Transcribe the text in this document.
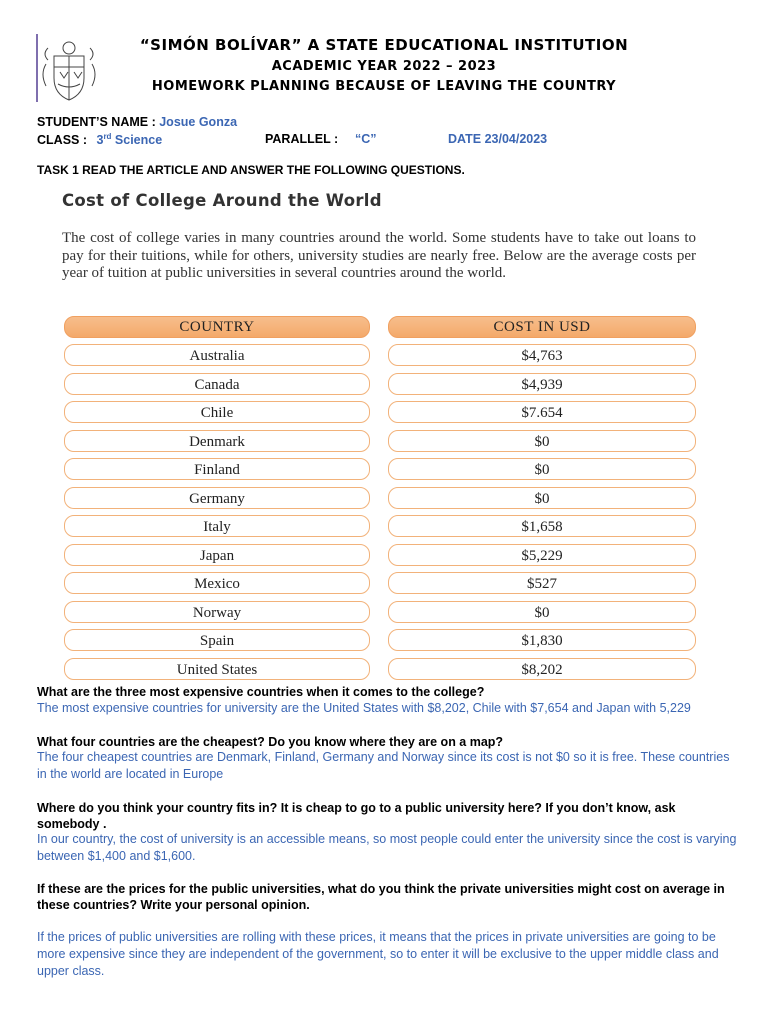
“SIMÓN BOLÍVAR” A STATE EDUCATIONAL INSTITUTION
ACADEMIC YEAR 2022 – 2023
HOMEWORK PLANNING BECAUSE OF LEAVING THE COUNTRY
STUDENT’S NAME : Josue Gonza
CLASS : 3rd Science	PARALLEL : “C”	DATE 23/04/2023
TASK 1 READ THE ARTICLE AND ANSWER THE FOLLOWING QUESTIONS.
Cost of College Around the World
The cost of college varies in many countries around the world. Some students have to take out loans to pay for their tuitions, while for others, university studies are nearly free. Below are the average costs per year of tuition at public universities in several countries around the world.
COUNTRY	COST IN USD
Australia	$4,763
Canada	$4,939
Chile	$7.654
Denmark	$0
Finland	$0
Germany	$0
Italy	$1,658
Japan	$5,229
Mexico	$527
Norway	$0
Spain	$1,830
United States	$8,202
What are the three most expensive countries when it comes to the college?
The most expensive countries for university are the United States with $8,202, Chile with $7,654 and Japan with 5,229
What four countries are the cheapest? Do you know where they are on a map?
The four cheapest countries are Denmark, Finland, Germany and Norway since its cost is not $0 so it is free. These countries in the world are located in Europe
Where do you think your country fits in? It is cheap to go to a public university here? If you don’t know, ask somebody .
In our country, the cost of university is an accessible means, so most people could enter the university since the cost is varying between $1,400 and $1,600.
If these are the prices for the public universities, what do you think the private universities might cost on average in these countries? Write your personal opinion.
If the prices of public universities are rolling with these prices, it means that the prices in private universities are going to be more expensive since they are independent of the government, so to enter it will be exclusive to the upper middle class and upper class.
